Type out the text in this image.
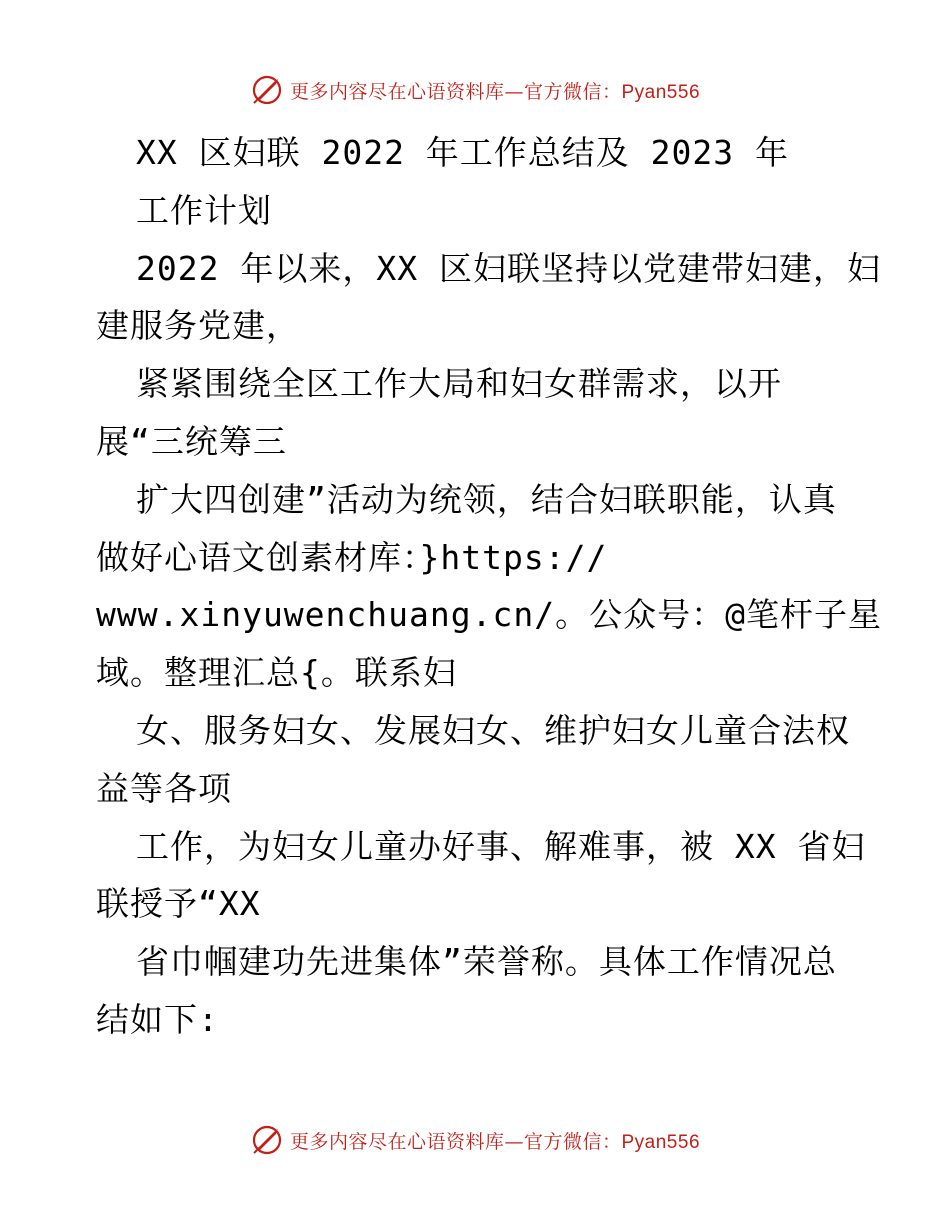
更多内容尽在心语资料库—官方微信：Pyan556
XX 区妇联 2022 年工作总结及 2023 年
工作计划
2022 年以来，XX 区妇联坚持以党建带妇建，妇
建服务党建，
紧紧围绕全区工作大局和妇女群需求，以开
展“三统筹三
扩大四创建”活动为统领，结合妇联职能，认真
做好心语文创素材库：}https://
www.xinyuwenchuang.cn/。公众号：@笔杆子星
域。整理汇总{。联系妇
女、服务妇女、发展妇女、维护妇女儿童合法权
益等各项
工作，为妇女儿童办好事、解难事，被 XX 省妇
联授予“XX
省巾帼建功先进集体”荣誉称。具体工作情况总
结如下:
更多内容尽在心语资料库—官方微信：Pyan556
